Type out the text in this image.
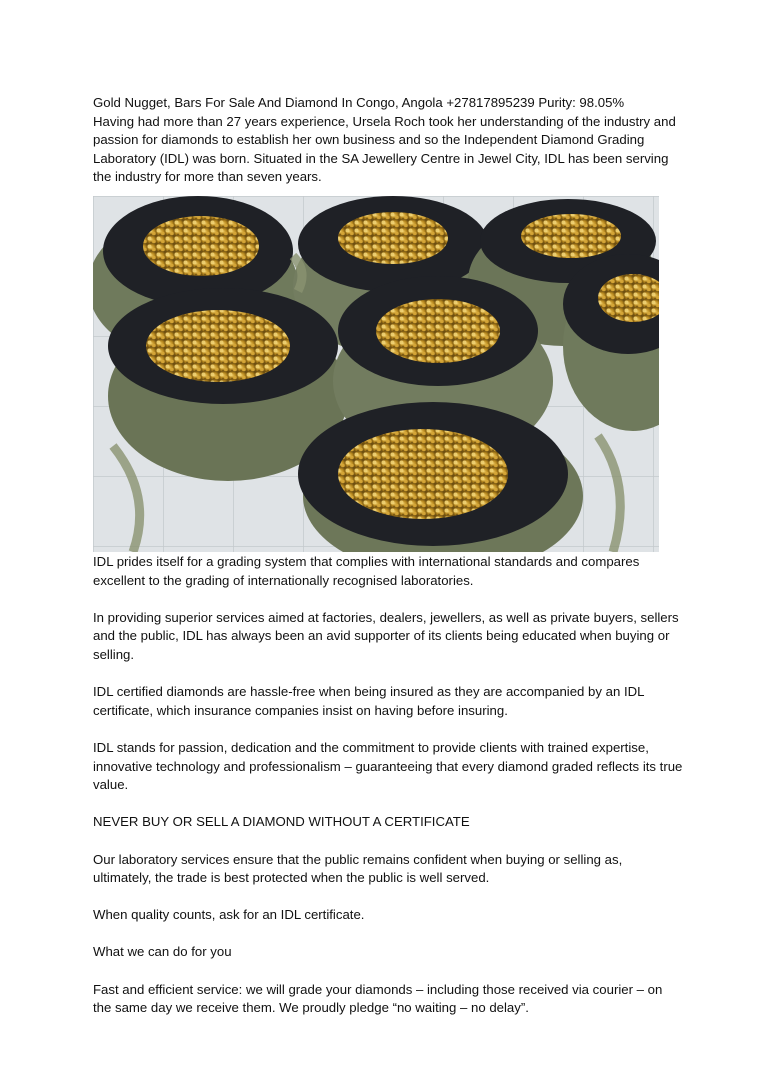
Gold Nugget, Bars For Sale And Diamond In Congo, Angola +27817895239 Purity: 98.05%

Having had more than 27 years experience, Ursela Roch took her understanding of the industry and passion for diamonds to establish her own business and so the Independent Diamond Grading Laboratory (IDL) was born. Situated in the SA Jewellery Centre in Jewel City, IDL has been serving the industry for more than seven years.

IDL prides itself for a grading system that complies with international standards and compares excellent to the grading of internationally recognised laboratories.

In providing superior services aimed at factories, dealers, jewellers, as well as private buyers, sellers and the public, IDL has always been an avid supporter of its clients being educated when buying or selling.

IDL certified diamonds are hassle-free when being insured as they are accompanied by an IDL certificate, which insurance companies insist on having before insuring.

IDL stands for passion, dedication and the commitment to provide clients with trained expertise, innovative technology and professionalism – guaranteeing that every diamond graded reflects its true value.

NEVER BUY OR SELL A DIAMOND WITHOUT A CERTIFICATE

Our laboratory services ensure that the public remains confident when buying or selling as, ultimately, the trade is best protected when the public is well served.

When quality counts, ask for an IDL certificate.

What we can do for you

Fast and efficient service: we will grade your diamonds – including those received via courier – on the same day we receive them. We proudly pledge “no waiting – no delay”.
